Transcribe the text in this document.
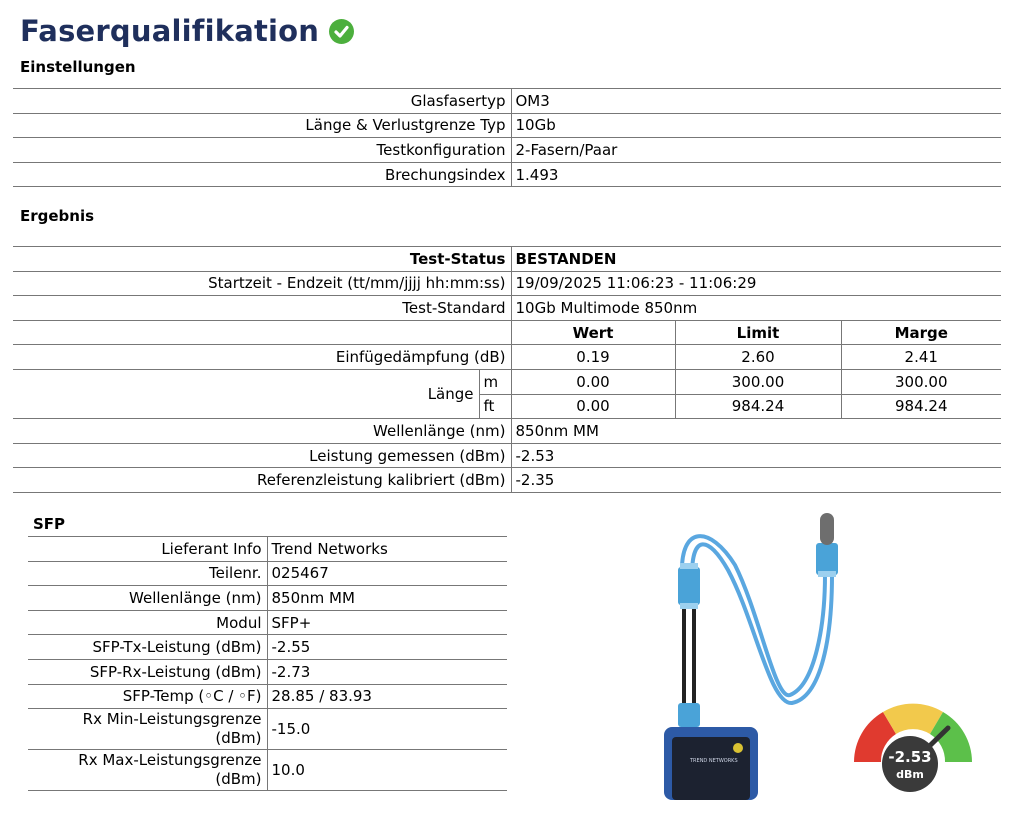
Faserqualifikation
Einstellungen
Glasfasertyp	OM3
Länge & Verlustgrenze Typ	10Gb
Testkonfiguration	2-Fasern/Paar
Brechungsindex	1.493
Ergebnis
Test-Status		BESTANDEN		
Startzeit - Endzeit (tt/mm/jjjj hh:mm:ss)		19/09/2025 11:06:23 - 11:06:29		
Test-Standard		10Gb Multimode 850nm		
		Wert	Limit	Marge
Einfügedämpfung (dB)		0.19	2.60	2.41
Länge	m	0.00	300.00	300.00
	ft	0.00	984.24	984.24
Wellenlänge (nm)		850nm MM		
Leistung gemessen (dBm)		-2.53		
Referenzleistung kalibriert (dBm)		-2.35		
SFP
Lieferant Info	Trend Networks
Teilenr.	025467
Wellenlänge (nm)	850nm MM
Modul	SFP+
SFP-Tx-Leistung (dBm)	-2.55
SFP-Rx-Leistung (dBm)	-2.73
SFP-Temp (◦C / ◦F)	28.85 / 83.93
Rx Min-Leistungsgrenze (dBm)	-15.0
Rx Max-Leistungsgrenze (dBm)	10.0
TREND NETWORKS	-2.53
dBm
